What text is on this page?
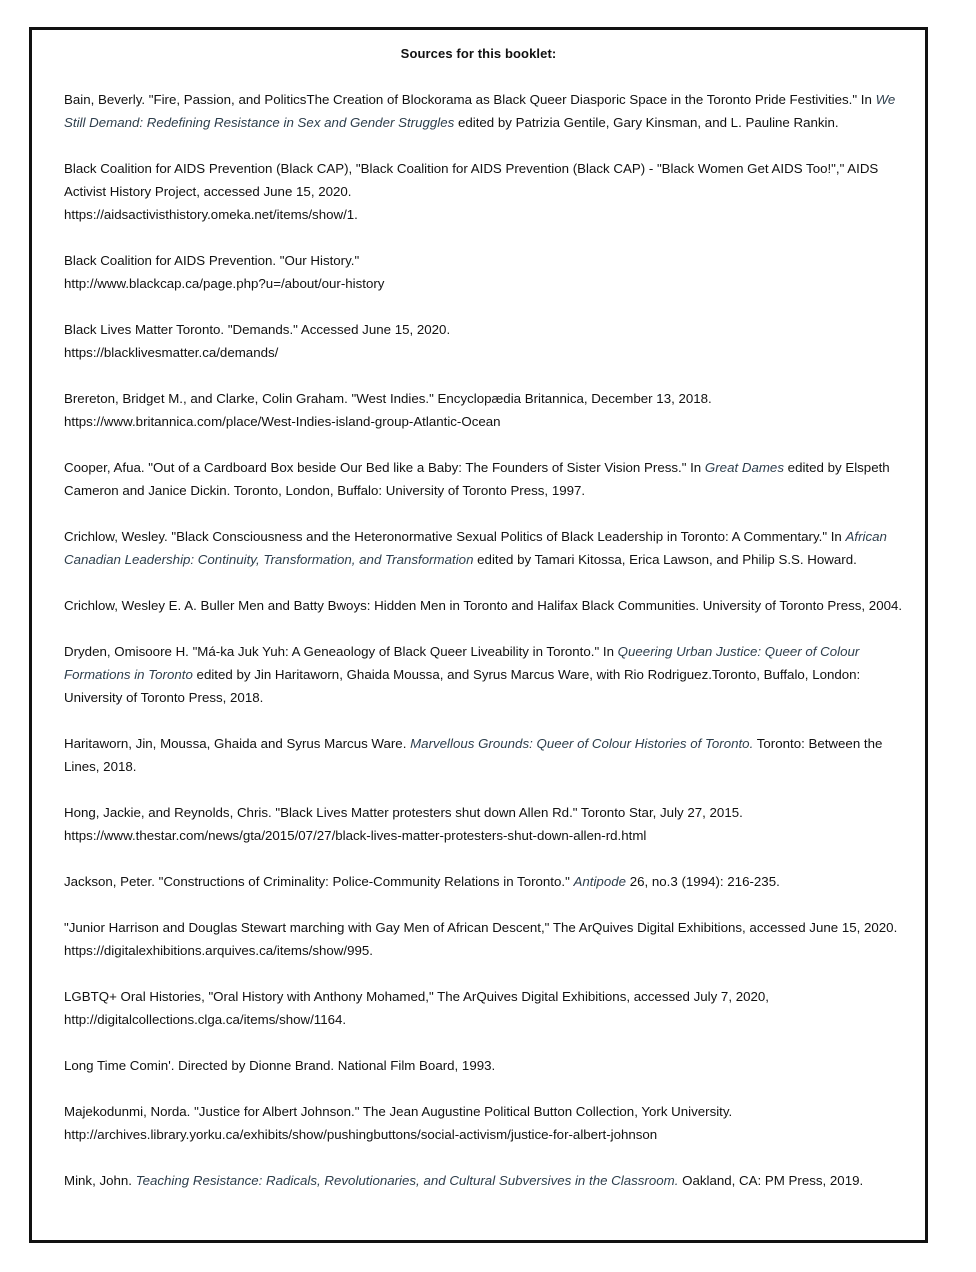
Sources for this booklet:

Bain, Beverly. "Fire, Passion, and PoliticsThe Creation of Blockorama as Black Queer Diasporic Space in the Toronto Pride Festivities." In We Still Demand: Redefining Resistance in Sex and Gender Struggles edited by Patrizia Gentile, Gary Kinsman, and L. Pauline Rankin.

Black Coalition for AIDS Prevention (Black CAP), "Black Coalition for AIDS Prevention (Black CAP) - "Black Women Get AIDS Too!"," AIDS Activist History Project, accessed June 15, 2020.
https://aidsactivisthistory.omeka.net/items/show/1.

Black Coalition for AIDS Prevention. "Our History."
http://www.blackcap.ca/page.php?u=/about/our-history

Black Lives Matter Toronto. "Demands." Accessed June 15, 2020.
https://blacklivesmatter.ca/demands/

Brereton, Bridget M., and Clarke, Colin Graham. "West Indies." Encyclopædia Britannica, December 13, 2018.
https://www.britannica.com/place/West-Indies-island-group-Atlantic-Ocean

Cooper, Afua. "Out of a Cardboard Box beside Our Bed like a Baby: The Founders of Sister Vision Press." In Great Dames edited by Elspeth Cameron and Janice Dickin. Toronto, London, Buffalo: University of Toronto Press, 1997.

Crichlow, Wesley. "Black Consciousness and the Heteronormative Sexual Politics of Black Leadership in Toronto: A Commentary." In African Canadian Leadership: Continuity, Transformation, and Transformation edited by Tamari Kitossa, Erica Lawson, and Philip S.S. Howard.

Crichlow, Wesley E. A. Buller Men and Batty Bwoys: Hidden Men in Toronto and Halifax Black Communities. University of Toronto Press, 2004.

Dryden, Omisoore H. "Má-ka Juk Yuh: A Geneaology of Black Queer Liveability in Toronto." In Queering Urban Justice: Queer of Colour Formations in Toronto edited by Jin Haritaworn, Ghaida Moussa, and Syrus Marcus Ware, with Rio Rodriguez.Toronto, Buffalo, London: University of Toronto Press, 2018.

Haritaworn, Jin, Moussa, Ghaida and Syrus Marcus Ware. Marvellous Grounds: Queer of Colour Histories of Toronto. Toronto: Between the Lines, 2018.

Hong, Jackie, and Reynolds, Chris. "Black Lives Matter protesters shut down Allen Rd." Toronto Star, July 27, 2015.
https://www.thestar.com/news/gta/2015/07/27/black-lives-matter-protesters-shut-down-allen-rd.html

Jackson, Peter. "Constructions of Criminality: Police-Community Relations in Toronto." Antipode 26, no.3 (1994): 216-235.

"Junior Harrison and Douglas Stewart marching with Gay Men of African Descent," The ArQuives Digital Exhibitions, accessed June 15, 2020. https://digitalexhibitions.arquives.ca/items/show/995.

LGBTQ+ Oral Histories, "Oral History with Anthony Mohamed," The ArQuives Digital Exhibitions, accessed July 7, 2020, http://digitalcollections.clga.ca/items/show/1164.

Long Time Comin'. Directed by Dionne Brand. National Film Board, 1993.

Majekodunmi, Norda. "Justice for Albert Johnson." The Jean Augustine Political Button Collection, York University.
http://archives.library.yorku.ca/exhibits/show/pushingbuttons/social-activism/justice-for-albert-johnson

Mink, John. Teaching Resistance: Radicals, Revolutionaries, and Cultural Subversives in the Classroom. Oakland, CA: PM Press, 2019.
